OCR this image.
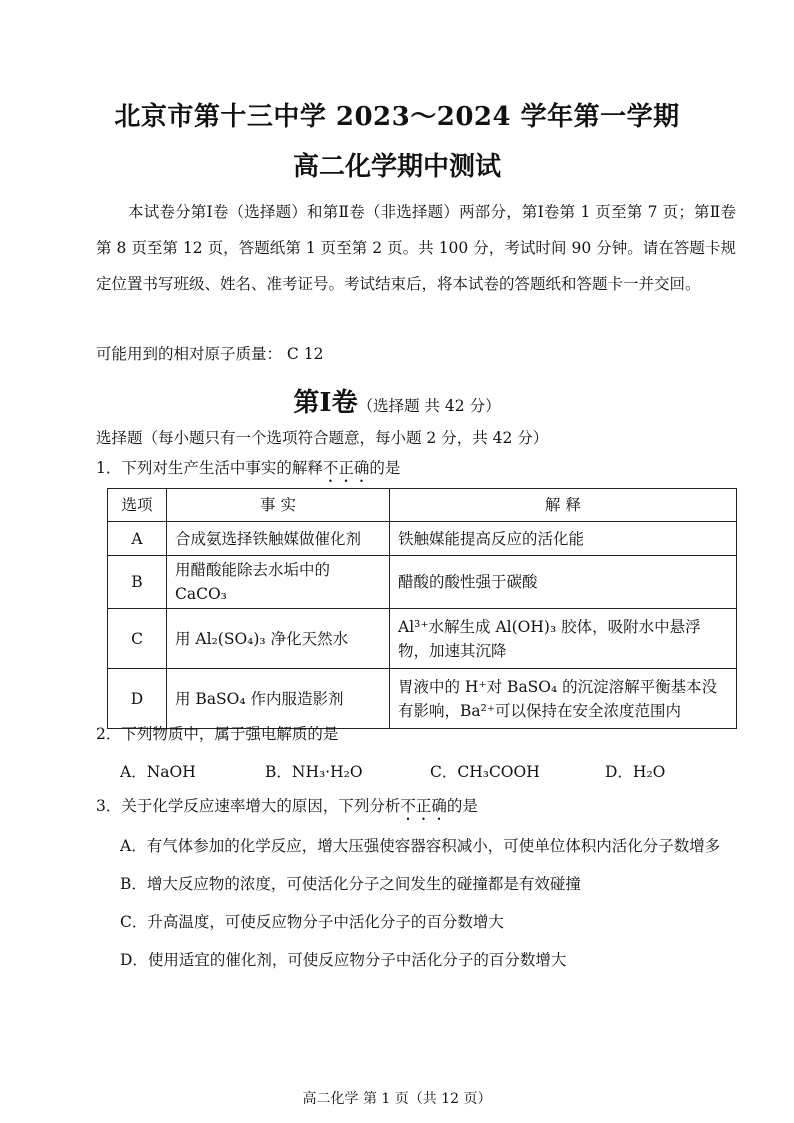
北京市第十三中学 2023～2024 学年第一学期
高二化学期中测试
本试卷分第Ⅰ卷（选择题）和第Ⅱ卷（非选择题）两部分，第Ⅰ卷第 1 页至第 7 页；第Ⅱ卷第 8 页至第 12 页，答题纸第 1 页至第 2 页。共 100 分，考试时间 90 分钟。请在答题卡规定位置书写班级、姓名、准考证号。考试结束后，将本试卷的答题纸和答题卡一并交回。
可能用到的相对原子质量： C 12
第Ⅰ卷（选择题 共 42 分）
选择题（每小题只有一个选项符合题意，每小题 2 分，共 42 分）
1．下列对生产生活中事实的解释不正确的是
选项	事 实	解 释
A	合成氨选择铁触媒做催化剂	铁触媒能提高反应的活化能
B	用醋酸能除去水垢中的 CaCO₃	醋酸的酸性强于碳酸
C	用 Al₂(SO₄)₃ 净化天然水	Al³⁺水解生成 Al(OH)₃ 胶体，吸附水中悬浮物，加速其沉降
D	用 BaSO₄ 作内服造影剂	胃液中的 H⁺对 BaSO₄ 的沉淀溶解平衡基本没有影响，Ba²⁺可以保持在安全浓度范围内
2．下列物质中，属于强电解质的是
A．NaOH	B．NH₃·H₂O	C．CH₃COOH	D．H₂O
3．关于化学反应速率增大的原因，下列分析不正确的是
A．有气体参加的化学反应，增大压强使容器容积减小，可使单位体积内活化分子数增多
B．增大反应物的浓度，可使活化分子之间发生的碰撞都是有效碰撞
C．升高温度，可使反应物分子中活化分子的百分数增大
D．使用适宜的催化剂，可使反应物分子中活化分子的百分数增大
高二化学 第 1 页（共 12 页）
